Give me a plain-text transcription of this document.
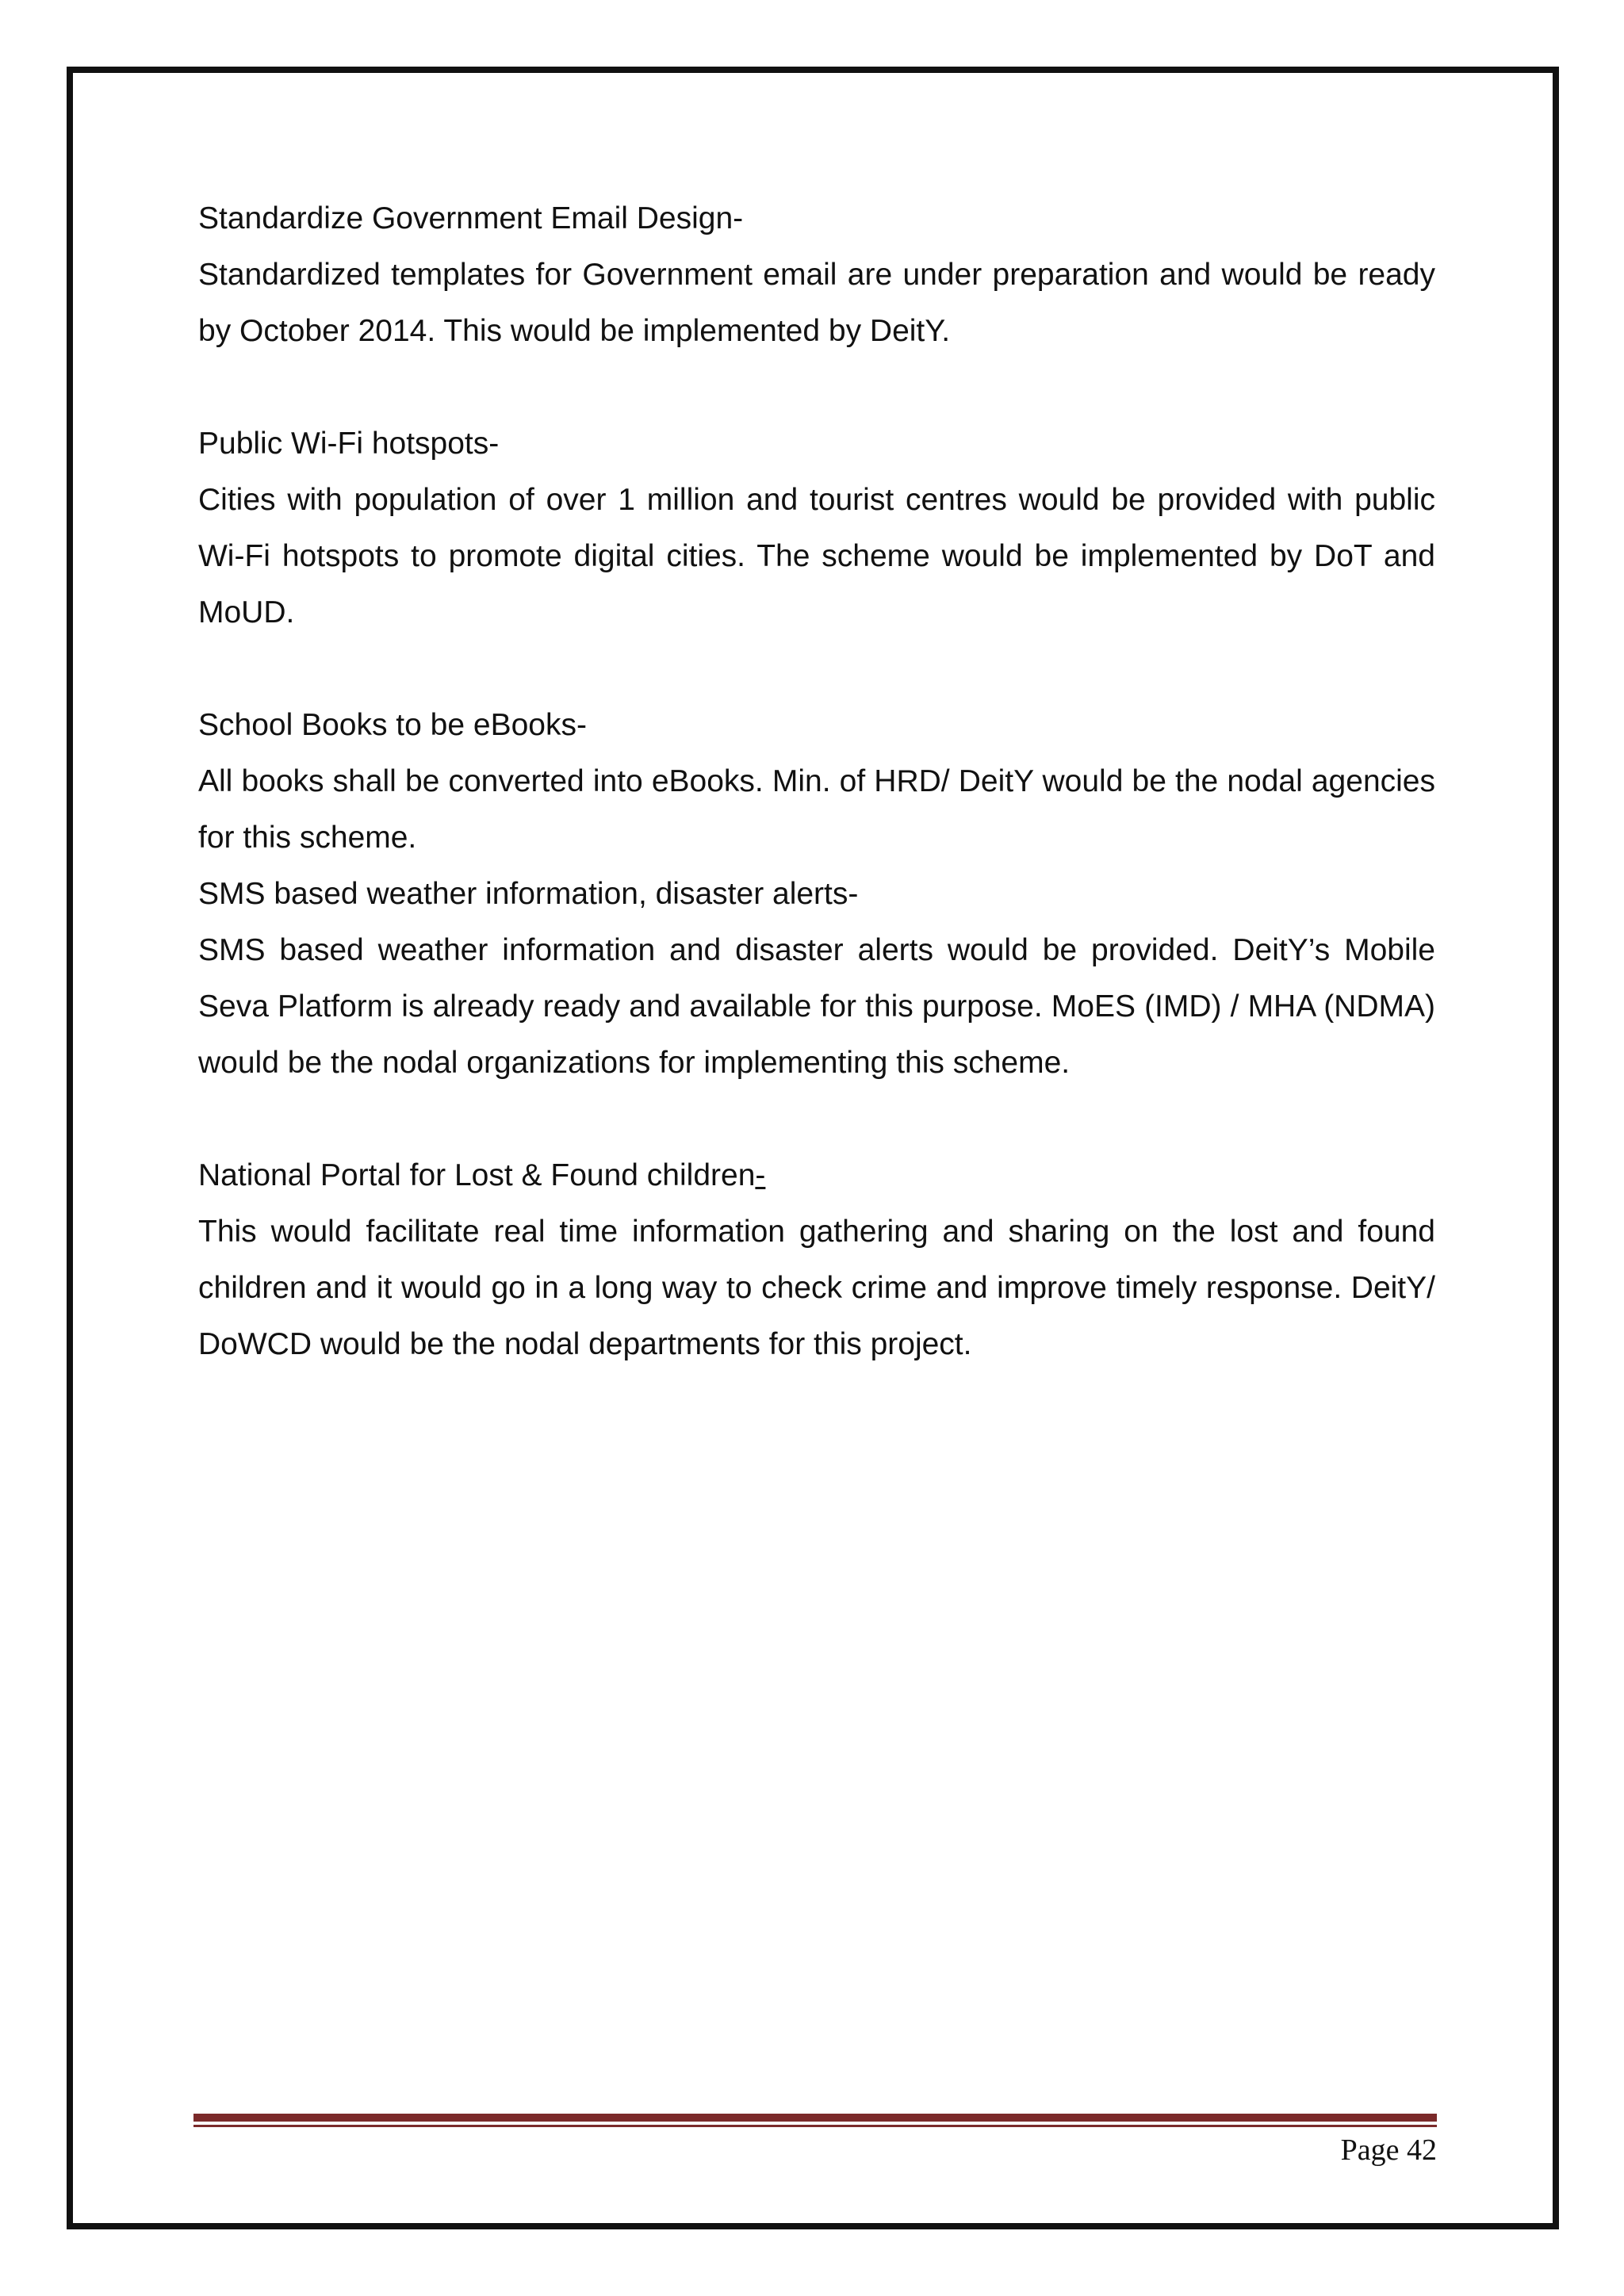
Standardize Government Email Design-

Standardized templates for Government email are under preparation and would be ready by October 2014. This would be implemented by DeitY.

Public Wi-Fi hotspots-

Cities with population of over 1 million and tourist centres would be provided with public Wi-Fi hotspots to promote digital cities. The scheme would be implemented by DoT and MoUD.

School Books to be eBooks-

All books shall be converted into eBooks. Min. of HRD/ DeitY would be the nodal agencies for this scheme.

SMS based weather information, disaster alerts-

SMS based weather information and disaster alerts would be provided. DeitY’s Mobile Seva Platform is already ready and available for this purpose. MoES (IMD) / MHA (NDMA) would be the nodal organizations for implementing this scheme.

National Portal for Lost & Found children-

This would facilitate real time information gathering and sharing on the lost and found children and it would go in a long way to check crime and improve timely response. DeitY/ DoWCD would be the nodal departments for this project.

Page 42
